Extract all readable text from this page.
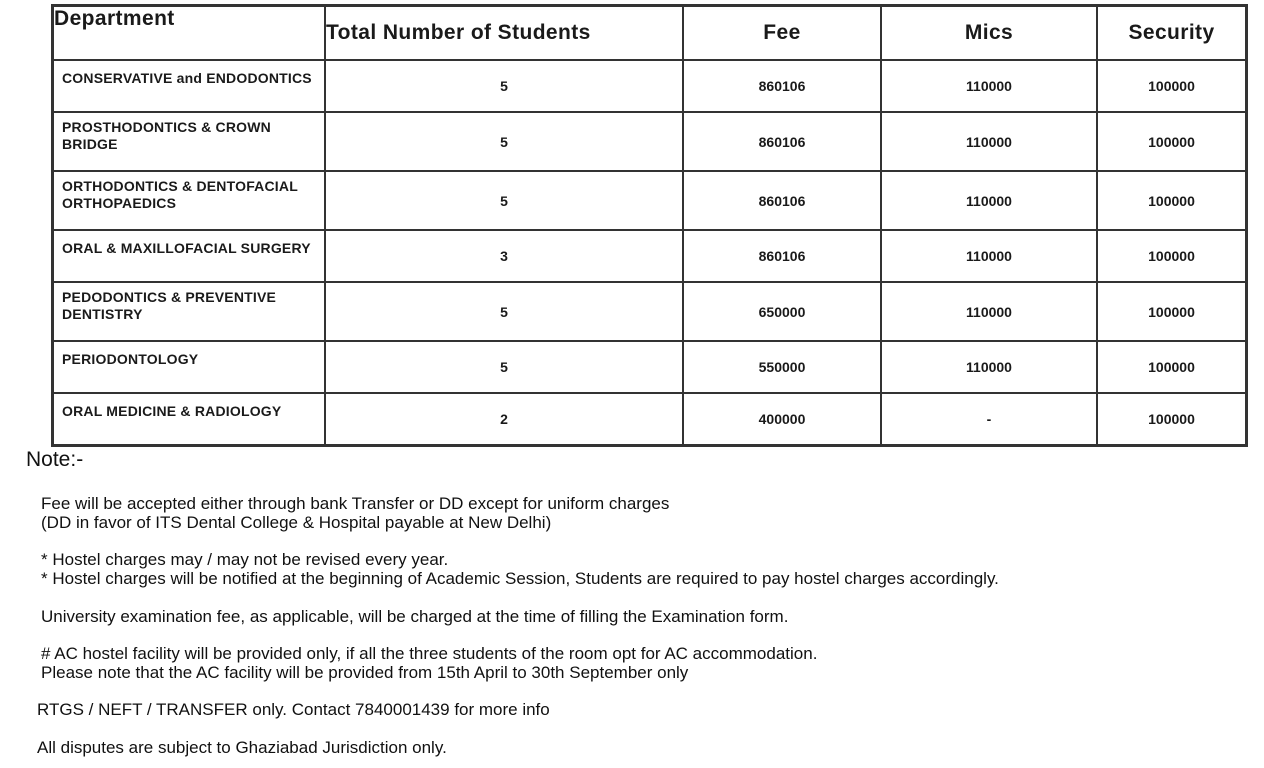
Department	Total Number of Students	Fee	Mics	Security
CONSERVATIVE and ENDODONTICS	5	860106	110000	100000
PROSTHODONTICS & CROWN BRIDGE	5	860106	110000	100000
ORTHODONTICS & DENTOFACIAL ORTHOPAEDICS	5	860106	110000	100000
ORAL & MAXILLOFACIAL SURGERY	3	860106	110000	100000
PEDODONTICS & PREVENTIVE DENTISTRY	5	650000	110000	100000
PERIODONTOLOGY	5	550000	110000	100000
ORAL MEDICINE & RADIOLOGY	2	400000	-	100000
Note:-

Fee will be accepted either through bank Transfer or DD except for uniform charges
(DD in favor of ITS Dental College & Hospital payable at New Delhi)

* Hostel charges may / may not be revised every year.
* Hostel charges will be notified at the beginning of Academic Session, Students are required to pay hostel charges accordingly.

University examination fee, as applicable, will be charged at the time of filling the Examination form.

# AC hostel facility will be provided only, if all the three students of the room opt for AC accommodation.
Please note that the AC facility will be provided from 15th April to 30th September only

RTGS / NEFT / TRANSFER only. Contact 7840001439 for more info

All disputes are subject to Ghaziabad Jurisdiction only.
